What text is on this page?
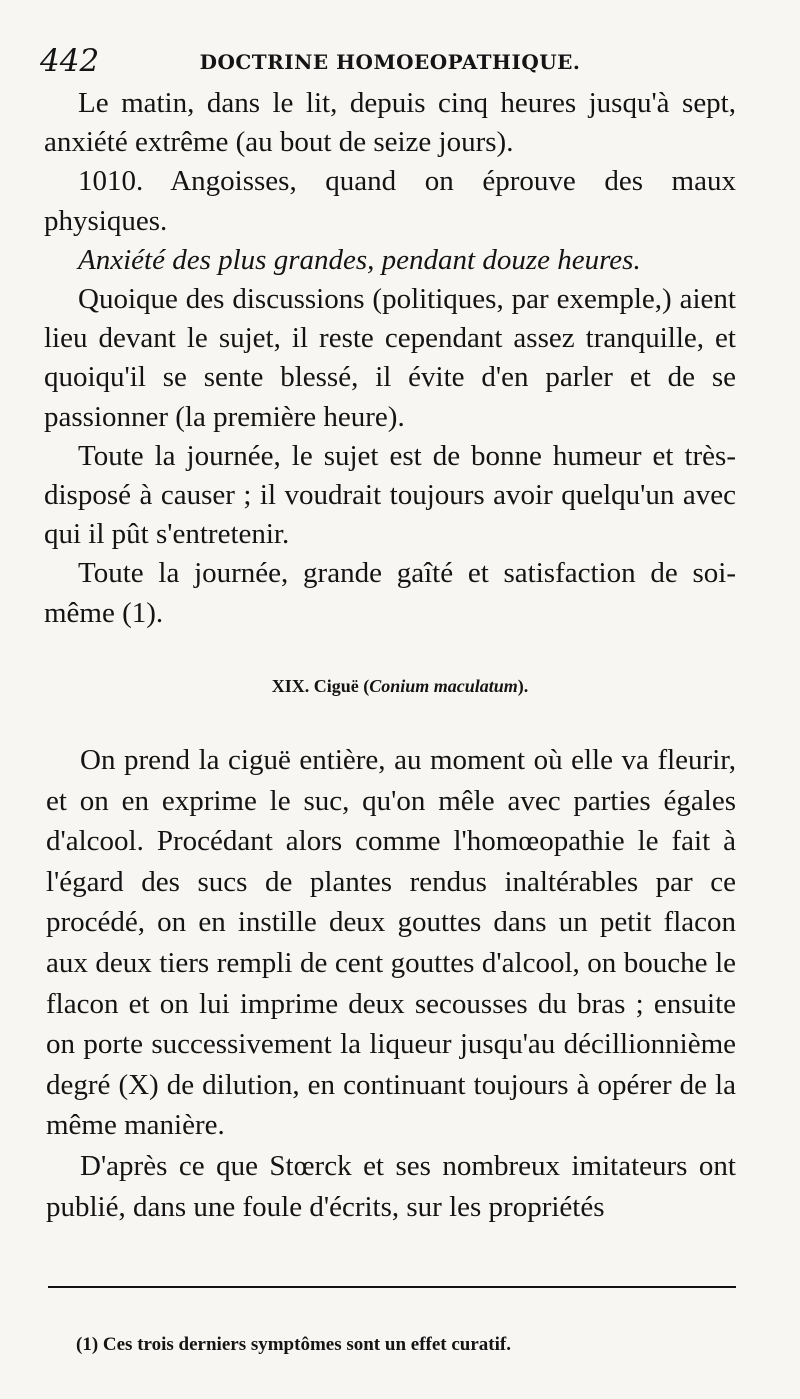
442	DOCTRINE HOMOEOPATHIQUE.

Le matin, dans le lit, depuis cinq heures jusqu'à sept, anxiété extrême (au bout de seize jours).

1010. Angoisses, quand on éprouve des maux physiques.

Anxiété des plus grandes, pendant douze heures.

Quoique des discussions (politiques, par exemple,) aient lieu devant le sujet, il reste cependant assez tranquille, et quoiqu'il se sente blessé, il évite d'en parler et de se passionner (la première heure).

Toute la journée, le sujet est de bonne humeur et très-disposé à causer ; il voudrait toujours avoir quelqu'un avec qui il pût s'entretenir.

Toute la journée, grande gaîté et satisfaction de soi-même (1).

XIX. Ciguë (Conium maculatum).

On prend la ciguë entière, au moment où elle va fleurir, et on en exprime le suc, qu'on mêle avec parties égales d'alcool. Procédant alors comme l'homœopathie le fait à l'égard des sucs de plantes rendus inaltérables par ce procédé, on en instille deux gouttes dans un petit flacon aux deux tiers rempli de cent gouttes d'alcool, on bouche le flacon et on lui imprime deux secousses du bras ; ensuite on porte successivement la liqueur jusqu'au décillionnième degré (X) de dilution, en continuant toujours à opérer de la même manière.

D'après ce que Stœrck et ses nombreux imitateurs ont publié, dans une foule d'écrits, sur les propriétés

(1) Ces trois derniers symptômes sont un effet curatif.
